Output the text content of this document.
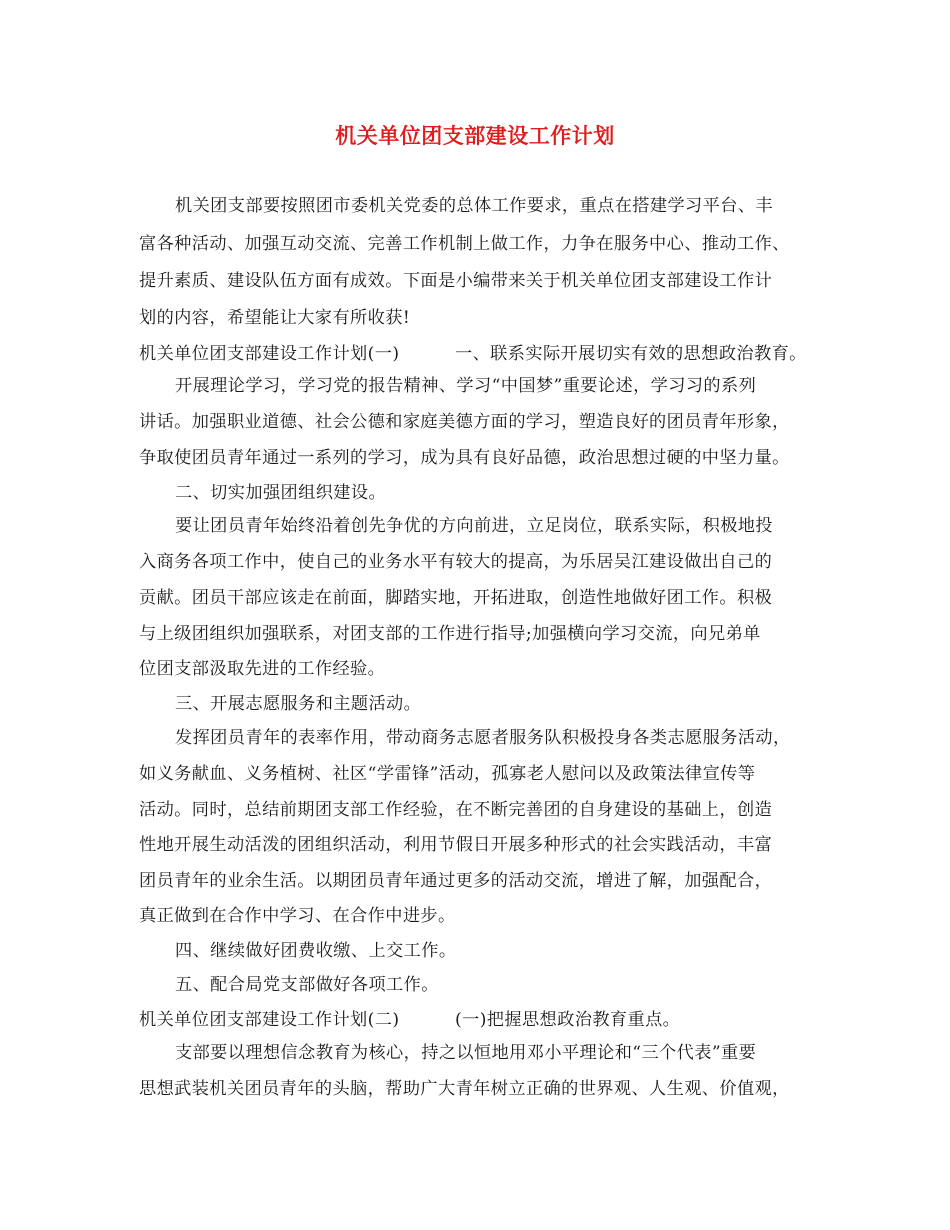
机关单位团支部建设工作计划
机关团支部要按照团市委机关党委的总体工作要求，重点在搭建学习平台、丰
富各种活动、加强互动交流、完善工作机制上做工作，力争在服务中心、推动工作、
提升素质、建设队伍方面有成效。下面是小编带来关于机关单位团支部建设工作计
划的内容，希望能让大家有所收获!
机关单位团支部建设工作计划(一)	一、联系实际开展切实有效的思想政治教育。
开展理论学习，学习党的报告精神、学习“中国梦”重要论述，学习习的系列
讲话。加强职业道德、社会公德和家庭美德方面的学习，塑造良好的团员青年形象，
争取使团员青年通过一系列的学习，成为具有良好品德，政治思想过硬的中坚力量。
二、切实加强团组织建设。
要让团员青年始终沿着创先争优的方向前进，立足岗位，联系实际，积极地投
入商务各项工作中，使自己的业务水平有较大的提高，为乐居吴江建设做出自己的
贡献。团员干部应该走在前面，脚踏实地，开拓进取，创造性地做好团工作。积极
与上级团组织加强联系，对团支部的工作进行指导;加强横向学习交流，向兄弟单
位团支部汲取先进的工作经验。
三、开展志愿服务和主题活动。
发挥团员青年的表率作用，带动商务志愿者服务队积极投身各类志愿服务活动，
如义务献血、义务植树、社区“学雷锋”活动，孤寡老人慰问以及政策法律宣传等
活动。同时，总结前期团支部工作经验，在不断完善团的自身建设的基础上，创造
性地开展生动活泼的团组织活动，利用节假日开展多种形式的社会实践活动，丰富
团员青年的业余生活。以期团员青年通过更多的活动交流，增进了解，加强配合，
真正做到在合作中学习、在合作中进步。
四、继续做好团费收缴、上交工作。
五、配合局党支部做好各项工作。
机关单位团支部建设工作计划(二)	(一)把握思想政治教育重点。
支部要以理想信念教育为核心，持之以恒地用邓小平理论和“三个代表”重要
思想武装机关团员青年的头脑，帮助广大青年树立正确的世界观、人生观、价值观，
